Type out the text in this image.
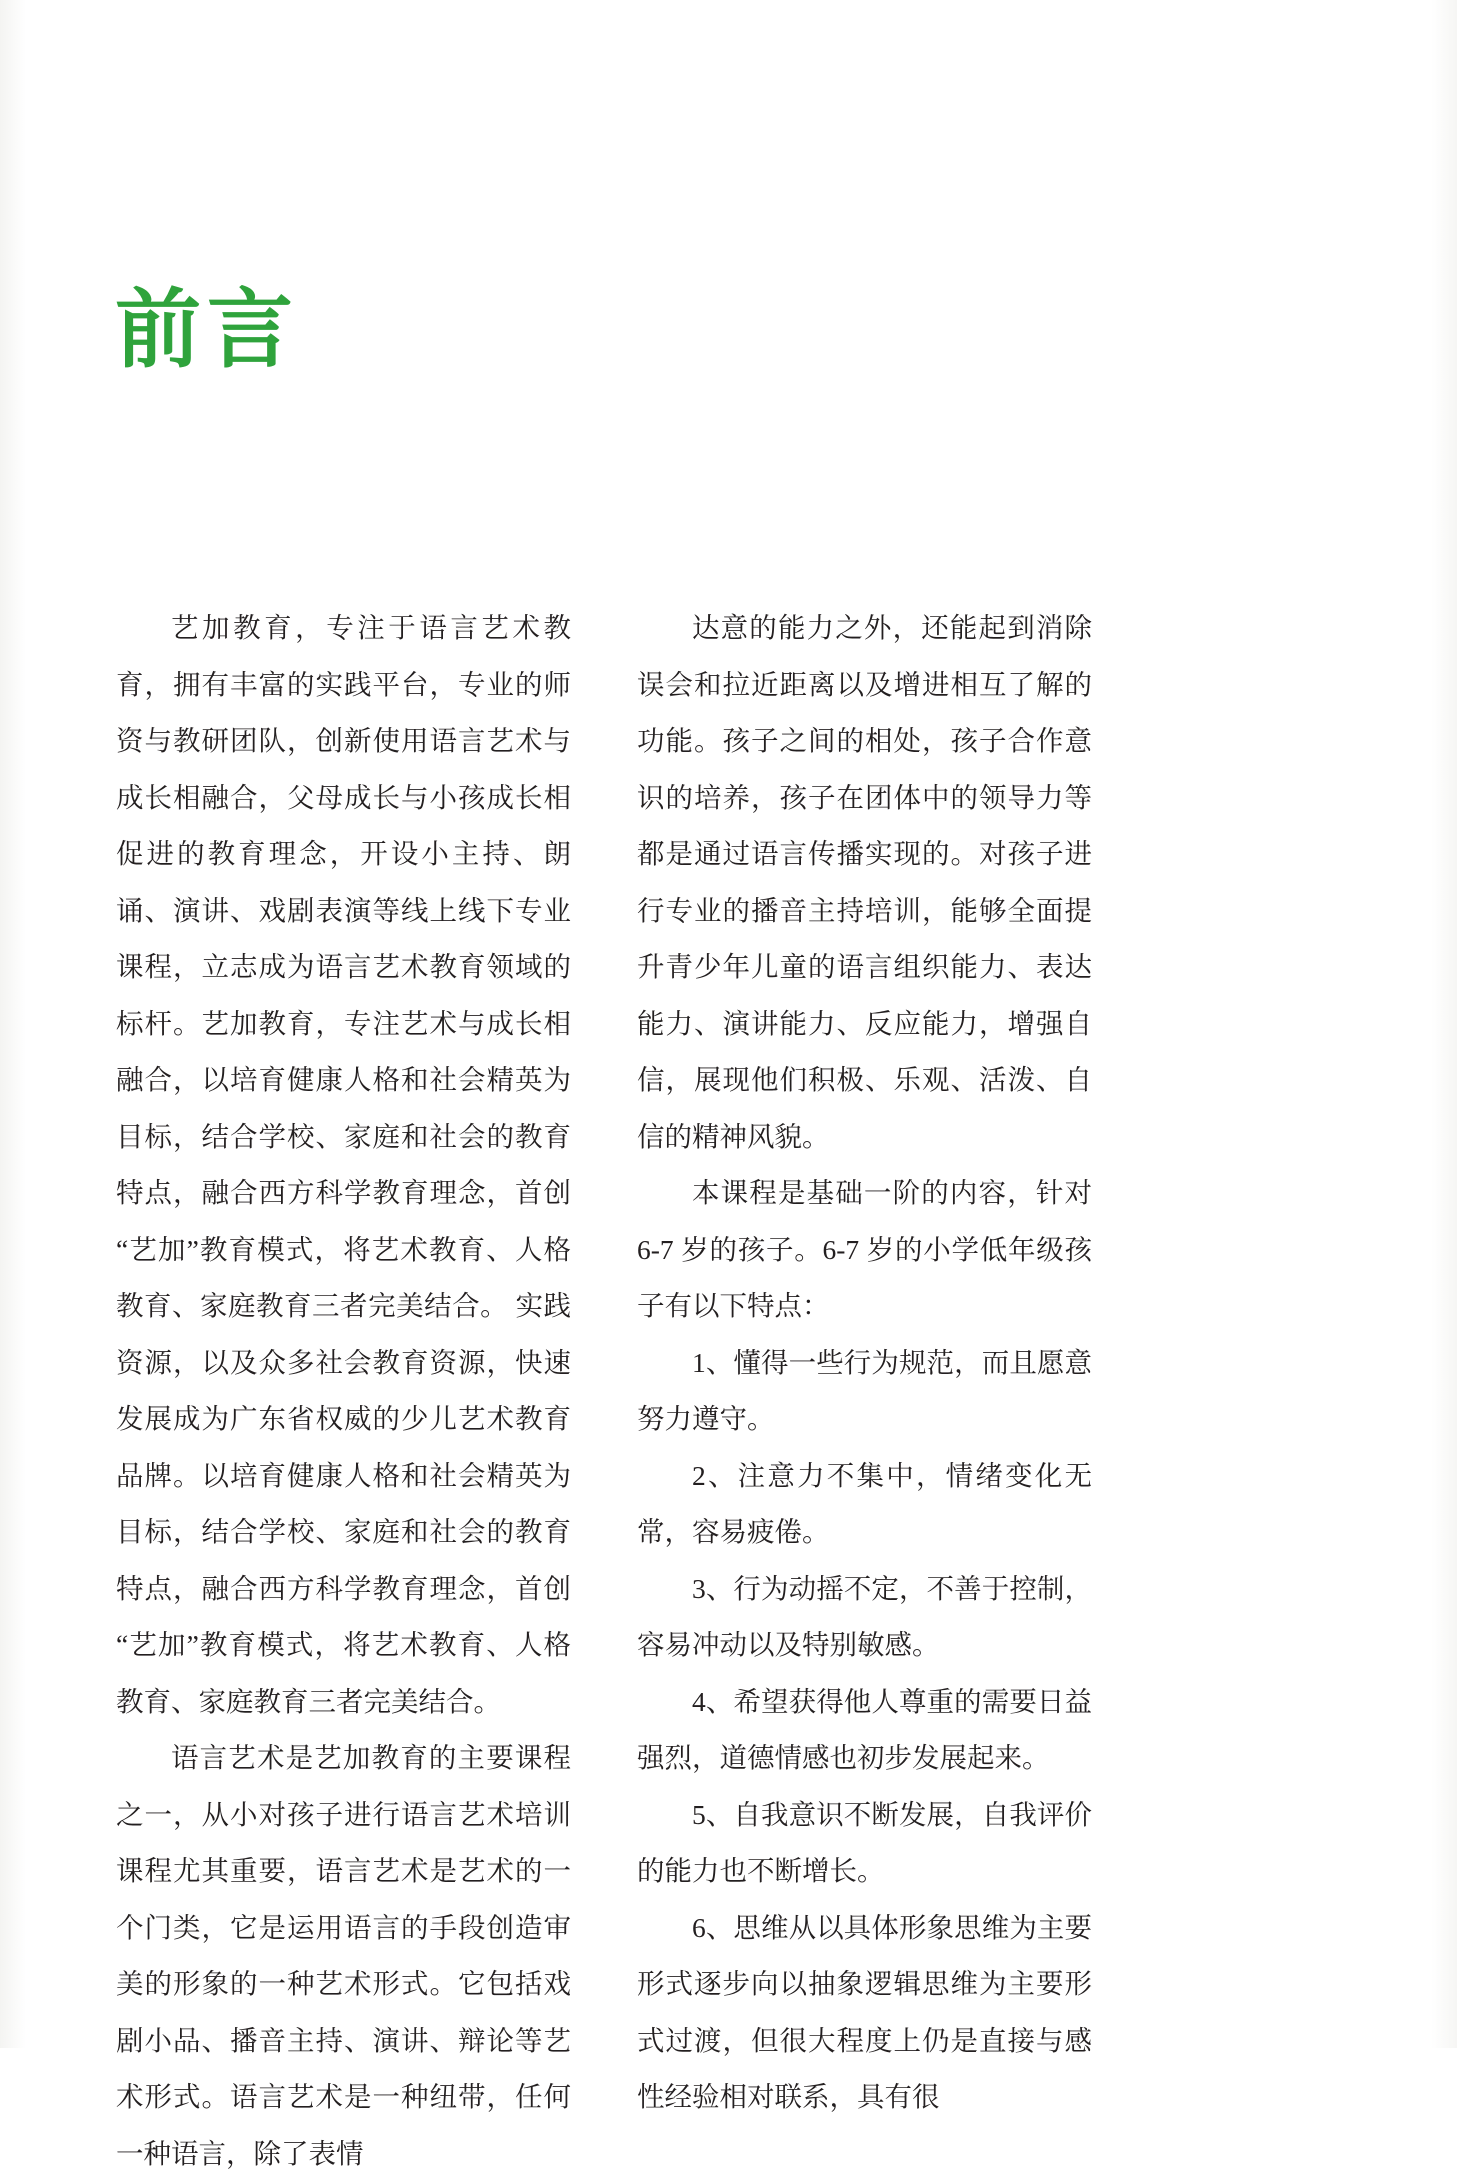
前言

艺加教育，专注于语言艺术教育，拥有丰富的实践平台，专业的师资与教研团队，创新使用语言艺术与成长相融合，父母成长与小孩成长相促进的教育理念，开设小主持、朗诵、演讲、戏剧表演等线上线下专业课程，立志成为语言艺术教育领域的标杆。艺加教育，专注艺术与成长相融合，以培育健康人格和社会精英为目标，结合学校、家庭和社会的教育特点，融合西方科学教育理念，首创“艺加”教育模式，将艺术教育、人格教育、家庭教育三者完美结合。 实践资源，以及众多社会教育资源，快速发展成为广东省权威的少儿艺术教育品牌。以培育健康人格和社会精英为目标，结合学校、家庭和社会的教育特点，融合西方科学教育理念，首创“艺加”教育模式，将艺术教育、人格教育、家庭教育三者完美结合。

语言艺术是艺加教育的主要课程之一，从小对孩子进行语言艺术培训课程尤其重要，语言艺术是艺术的一个门类，它是运用语言的手段创造审美的形象的一种艺术形式。它包括戏剧小品、播音主持、演讲、辩论等艺术形式。语言艺术是一种纽带，任何一种语言，除了表情

达意的能力之外，还能起到消除误会和拉近距离以及增进相互了解的功能。孩子之间的相处，孩子合作意识的培养，孩子在团体中的领导力等都是通过语言传播实现的。对孩子进行专业的播音主持培训，能够全面提升青少年儿童的语言组织能力、表达能力、演讲能力、反应能力，增强自信，展现他们积极、乐观、活泼、自信的精神风貌。

本课程是基础一阶的内容，针对 6-7 岁的孩子。6-7 岁的小学低年级孩子有以下特点：

1、懂得一些行为规范，而且愿意努力遵守。

2、注意力不集中，情绪变化无常，容易疲倦。

3、行为动摇不定，不善于控制，容易冲动以及特别敏感。

4、希望获得他人尊重的需要日益强烈，道德情感也初步发展起来。

5、自我意识不断发展，自我评价的能力也不断增长。

6、思维从以具体形象思维为主要形式逐步向以抽象逻辑思维为主要形式过渡，但很大程度上仍是直接与感性经验相对联系，具有很
